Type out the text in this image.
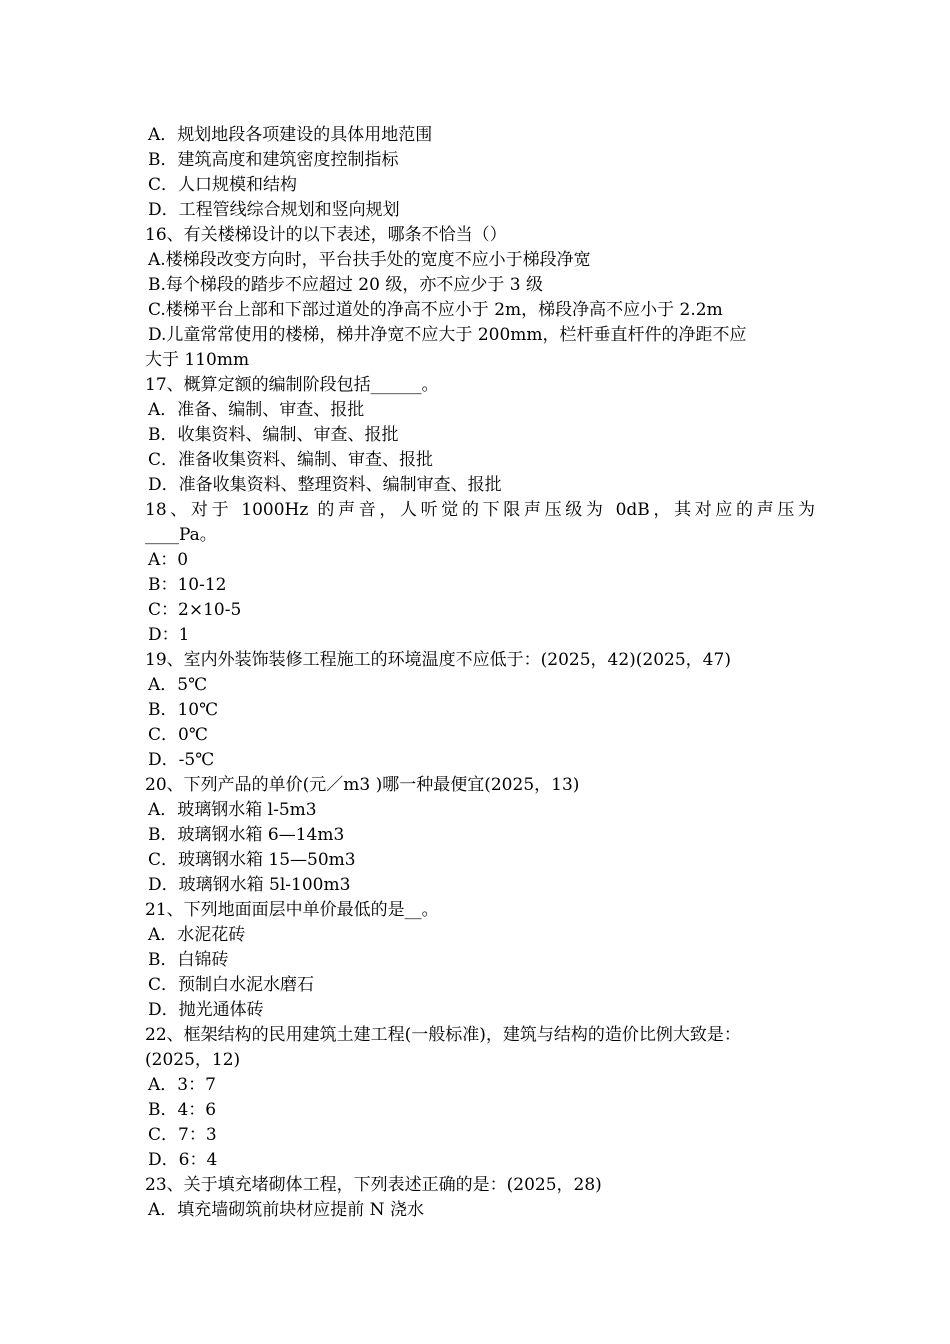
A．规划地段各项建设的具体用地范围
B．建筑高度和建筑密度控制指标
C．人口规模和结构
D．工程管线综合规划和竖向规划
16、有关楼梯设计的以下表述，哪条不恰当（）
A.楼梯段改变方向时，平台扶手处的宽度不应小于梯段净宽
B.每个梯段的踏步不应超过 20 级，亦不应少于 3 级
C.楼梯平台上部和下部过道处的净高不应小于 2m，梯段净高不应小于 2.2m
D.儿童常常使用的楼梯，梯井净宽不应大于 200mm，栏杆垂直杆件的净距不应
大于 110mm
17、概算定额的编制阶段包括______。
A．准备、编制、审查、报批
B．收集资料、编制、审查、报批
C．准备收集资料、编制、审查、报批
D．准备收集资料、整理资料、编制审查、报批
18、对于 1000Hz 的声音，人听觉的下限声压级为 0dB，其对应的声压为
____Pa。
A：0
B：10-12
C：2×10-5
D：1
19、室内外装饰装修工程施工的环境温度不应低于：(2025，42)(2025，47)
A．5℃
B．10℃
C．0℃
D．-5℃
20、下列产品的单价(元／m3 )哪一种最便宜(2025，13)
A．玻璃钢水箱 l-5m3
B．玻璃钢水箱 6—14m3
C．玻璃钢水箱 15—50m3
D．玻璃钢水箱 5l-100m3
21、下列地面面层中单价最低的是__。
A．水泥花砖
B．白锦砖
C．预制白水泥水磨石
D．抛光通体砖
22、框架结构的民用建筑土建工程(一般标准)，建筑与结构的造价比例大致是：
(2025，12)
A．3：7
B．4：6
C．7：3
D．6：4
23、关于填充堵砌体工程，下列表述正确的是：(2025，28)
A．填充墙砌筑前块材应提前 N 浇水
